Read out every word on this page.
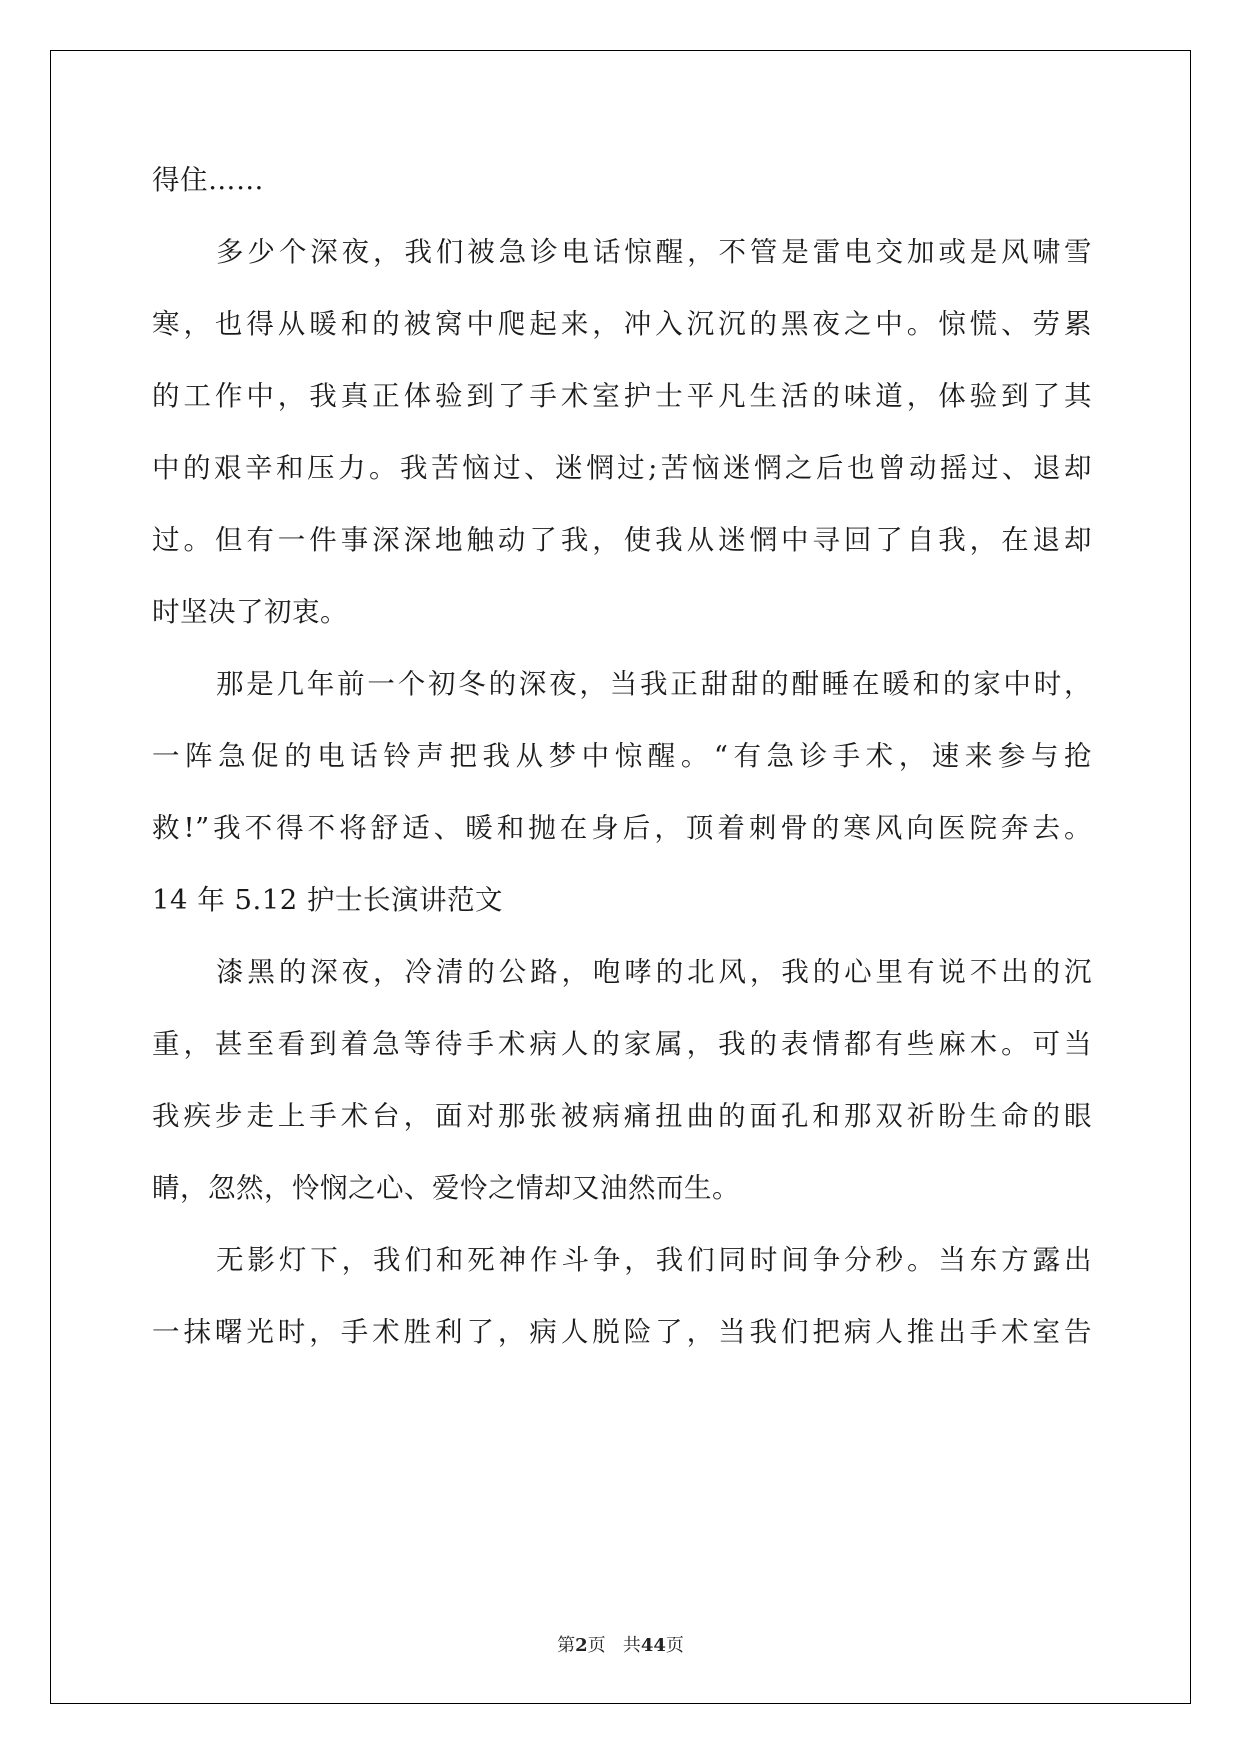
得住……
多少个深夜，我们被急诊电话惊醒，不管是雷电交加或是风啸雪
寒，也得从暖和的被窝中爬起来，冲入沉沉的黑夜之中。惊慌、劳累
的工作中，我真正体验到了手术室护士平凡生活的味道，体验到了其
中的艰辛和压力。我苦恼过、迷惘过;苦恼迷惘之后也曾动摇过、退却
过。但有一件事深深地触动了我，使我从迷惘中寻回了自我，在退却
时坚决了初衷。
那是几年前一个初冬的深夜，当我正甜甜的酣睡在暖和的家中时，
一阵急促的电话铃声把我从梦中惊醒。“有急诊手术，速来参与抢
救!”我不得不将舒适、暖和抛在身后，顶着刺骨的寒风向医院奔去。
14 年 5.12 护士长演讲范文
漆黑的深夜，冷清的公路，咆哮的北风，我的心里有说不出的沉
重，甚至看到着急等待手术病人的家属，我的表情都有些麻木。可当
我疾步走上手术台，面对那张被病痛扭曲的面孔和那双祈盼生命的眼
睛，忽然，怜悯之心、爱怜之情却又油然而生。
无影灯下，我们和死神作斗争，我们同时间争分秒。当东方露出
一抹曙光时，手术胜利了，病人脱险了，当我们把病人推出手术室告
第2页 共44页
